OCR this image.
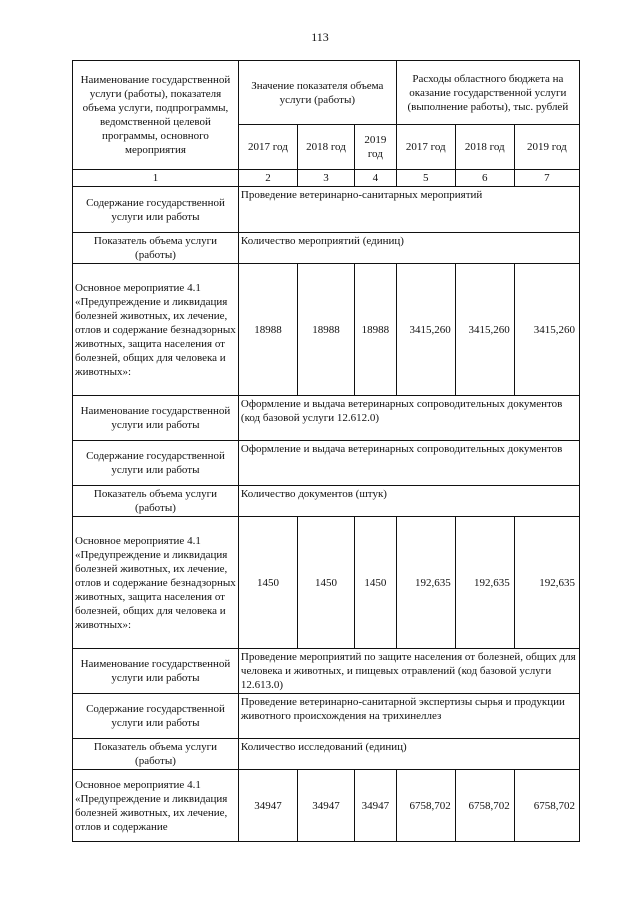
113
Наименование государственной услуги (работы), показателя объема услуги, подпрограммы, ведомственной целевой программы, основного мероприятия	Значение показателя объема услуги (работы)			Расходы областного бюджета на оказание государственной услуги (выполнение работы), тыс. рублей		
	2017 год	2018 год	2019 год	2017 год	2018 год	2019 год
1	2	3	4	5	6	7
Содержание государственной услуги или работы	Проведение ветеринарно-санитарных мероприятий					
Показатель объема услуги (работы)	Количество мероприятий (единиц)					
Основное мероприятие 4.1 «Предупреждение и ликвидация болезней животных, их лечение, отлов и содержание безнадзорных животных, защита населения от болезней, общих для человека и животных»:	18988	18988	18988	3415,260	3415,260	3415,260
Наименование государственной услуги или работы	Оформление и выдача ветеринарных сопроводительных документов (код базовой услуги 12.612.0)					
Содержание государственной услуги или работы	Оформление и выдача ветеринарных сопроводительных документов					
Показатель объема услуги (работы)	Количество документов (штук)					
Основное мероприятие 4.1 «Предупреждение и ликвидация болезней животных, их лечение, отлов и содержание безнадзорных животных, защита населения от болезней, общих для человека и животных»:	1450	1450	1450	192,635	192,635	192,635
Наименование государственной услуги или работы	Проведение мероприятий по защите населения от болезней, общих для человека и животных, и пищевых отравлений (код базовой услуги 12.613.0)					
Содержание государственной услуги или работы	Проведение ветеринарно-санитарной экспертизы сырья и продукции животного происхождения на трихинеллез					
Показатель объема услуги (работы)	Количество исследований (единиц)					
Основное мероприятие 4.1 «Предупреждение и ликвидация болезней животных, их лечение, отлов и содержание	34947	34947	34947	6758,702	6758,702	6758,702
